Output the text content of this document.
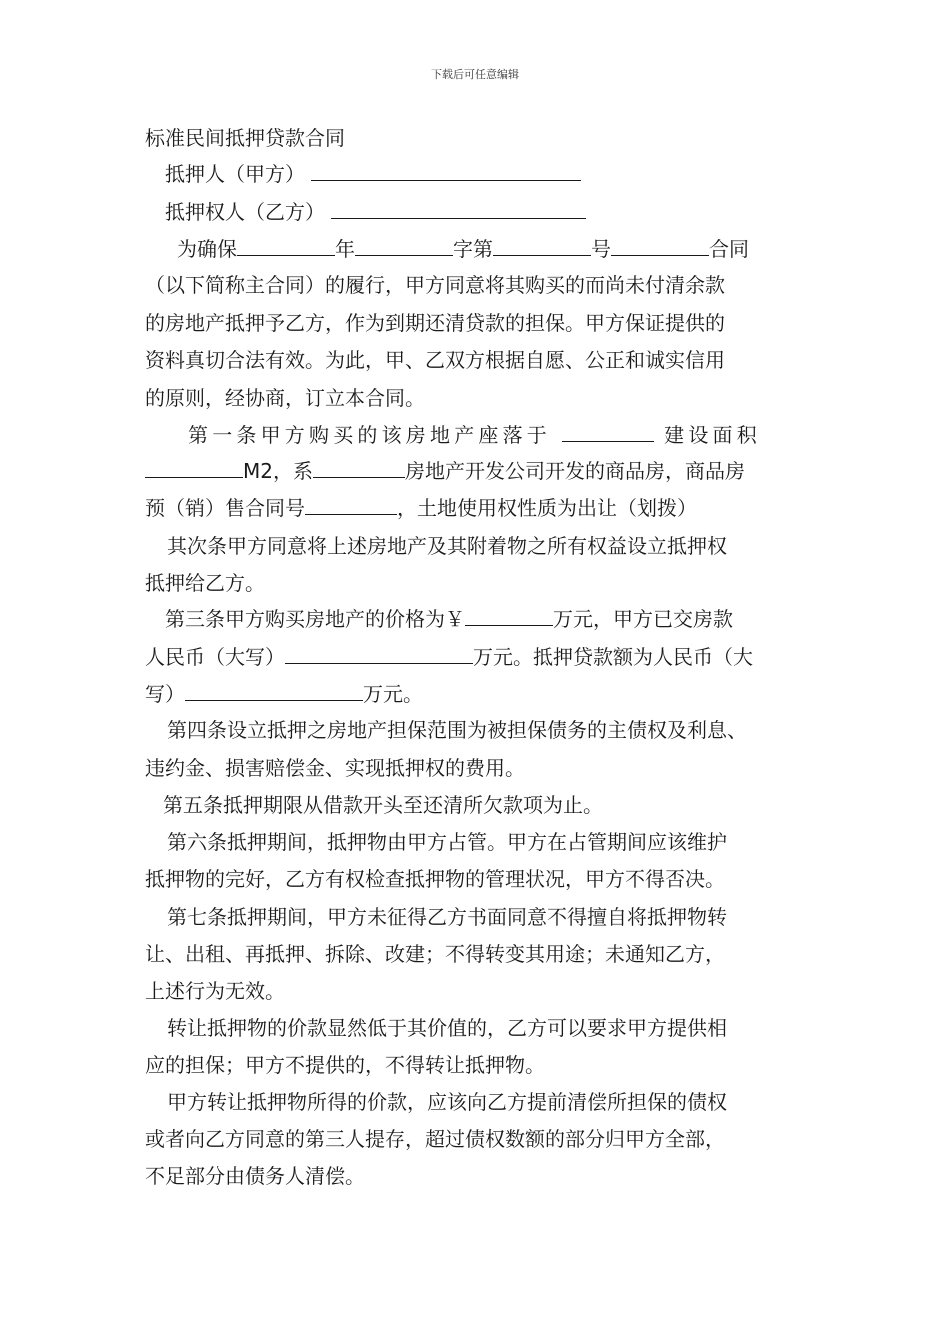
下载后可任意编辑
标准民间抵押贷款合同
抵押人（甲方）
抵押权人（乙方）
为确保	年	字第	号	合同
（以下简称主合同）的履行，甲方同意将其购买的而尚未付清余款
的房地产抵押予乙方，作为到期还清贷款的担保。甲方保证提供的
资料真切合法有效。为此，甲、乙双方根据自愿、公正和诚实信用
的原则，经协商，订立本合同。
第一条甲方购买的该房地产座落于	建设面积
M2，系	房地产开发公司开发的商品房，商品房
预（销）售合同号	，土地使用权性质为出让（划拨）
其次条甲方同意将上述房地产及其附着物之所有权益设立抵押权
抵押给乙方。
第三条甲方购买房地产的价格为￥	万元，甲方已交房款
人民币（大写）	万元。抵押贷款额为人民币（大
写）	万元。
第四条设立抵押之房地产担保范围为被担保债务的主债权及利息、
违约金、损害赔偿金、实现抵押权的费用。
第五条抵押期限从借款开头至还清所欠款项为止。
第六条抵押期间，抵押物由甲方占管。甲方在占管期间应该维护
抵押物的完好，乙方有权检查抵押物的管理状况，甲方不得否决。
第七条抵押期间，甲方未征得乙方书面同意不得擅自将抵押物转
让、出租、再抵押、拆除、改建；不得转变其用途；未通知乙方，
上述行为无效。
转让抵押物的价款显然低于其价值的，乙方可以要求甲方提供相
应的担保；甲方不提供的，不得转让抵押物。
甲方转让抵押物所得的价款，应该向乙方提前清偿所担保的债权
或者向乙方同意的第三人提存，超过债权数额的部分归甲方全部，
不足部分由债务人清偿。
